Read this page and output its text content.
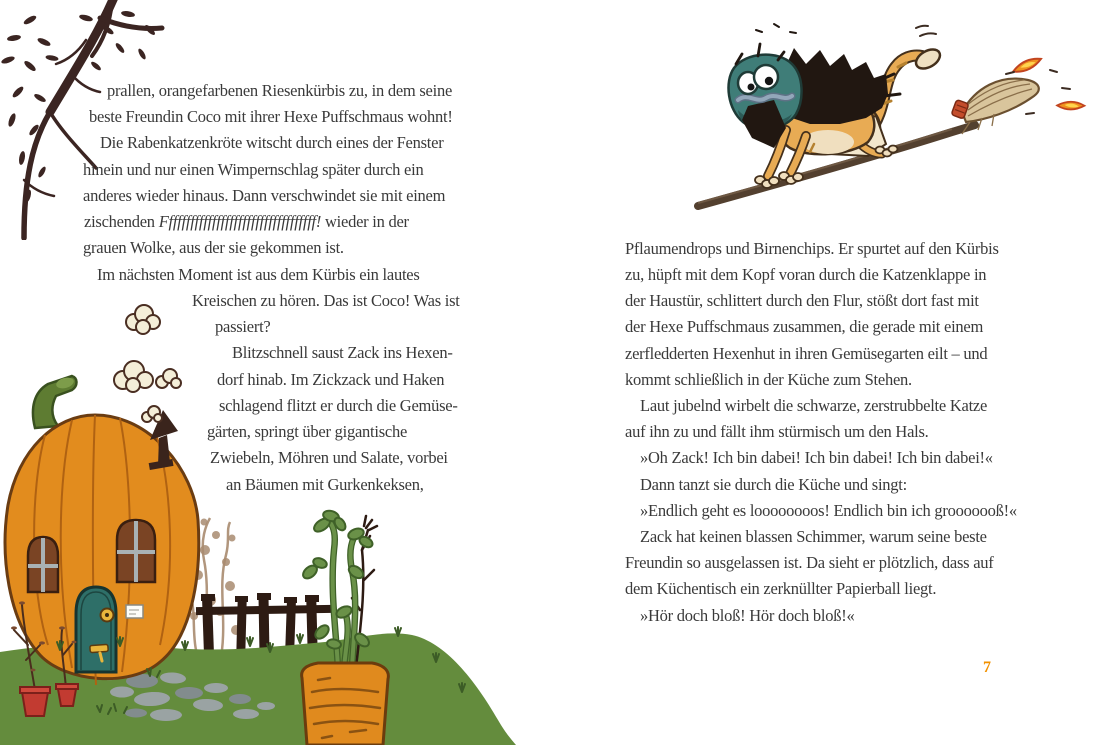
prallen, orangefarbenen Riesenkürbis zu, in dem seine
beste Freundin Coco mit ihrer Hexe Puffschmaus wohnt!
Die Rabenkatzenkröte witscht durch eines der Fenster
hinein und nur einen Wimpernschlag später durch ein
anderes wieder hinaus. Dann verschwindet sie mit einem
zischenden Fffffffffffffffffffffffffffffffffff! wieder in der
grauen Wolke, aus der sie gekommen ist.
Im nächsten Moment ist aus dem Kürbis ein lautes
Kreischen zu hören. Das ist Coco! Was ist
passiert?
Blitzschnell saust Zack ins Hexen-
dorf hinab. Im Zickzack und Haken
schlagend flitzt er durch die Gemüse-
gärten, springt über gigantische
Zwiebeln, Möhren und Salate, vorbei
an Bäumen mit Gurkenkeksen,
Pflaumendrops und Birnenchips. Er spurtet auf den Kürbis
zu, hüpft mit dem Kopf voran durch die Katzenklappe in
der Haustür, schlittert durch den Flur, stößt dort fast mit
der Hexe Puffschmaus zusammen, die gerade mit einem
zerfledderten Hexenhut in ihren Gemüsegarten eilt – und
kommt schließlich in der Küche zum Stehen.
Laut jubelnd wirbelt die schwarze, zerstrubbelte Katze
auf ihn zu und fällt ihm stürmisch um den Hals.
»Oh Zack! Ich bin dabei! Ich bin dabei! Ich bin dabei!«
Dann tanzt sie durch die Küche und singt:
»Endlich geht es loooooooos! Endlich bin ich grooooooß!«
Zack hat keinen blassen Schimmer, warum seine beste
Freundin so ausgelassen ist. Da sieht er plötzlich, dass auf
dem Küchentisch ein zerknüllter Papierball liegt.
»Hör doch bloß! Hör doch bloß!«
7
